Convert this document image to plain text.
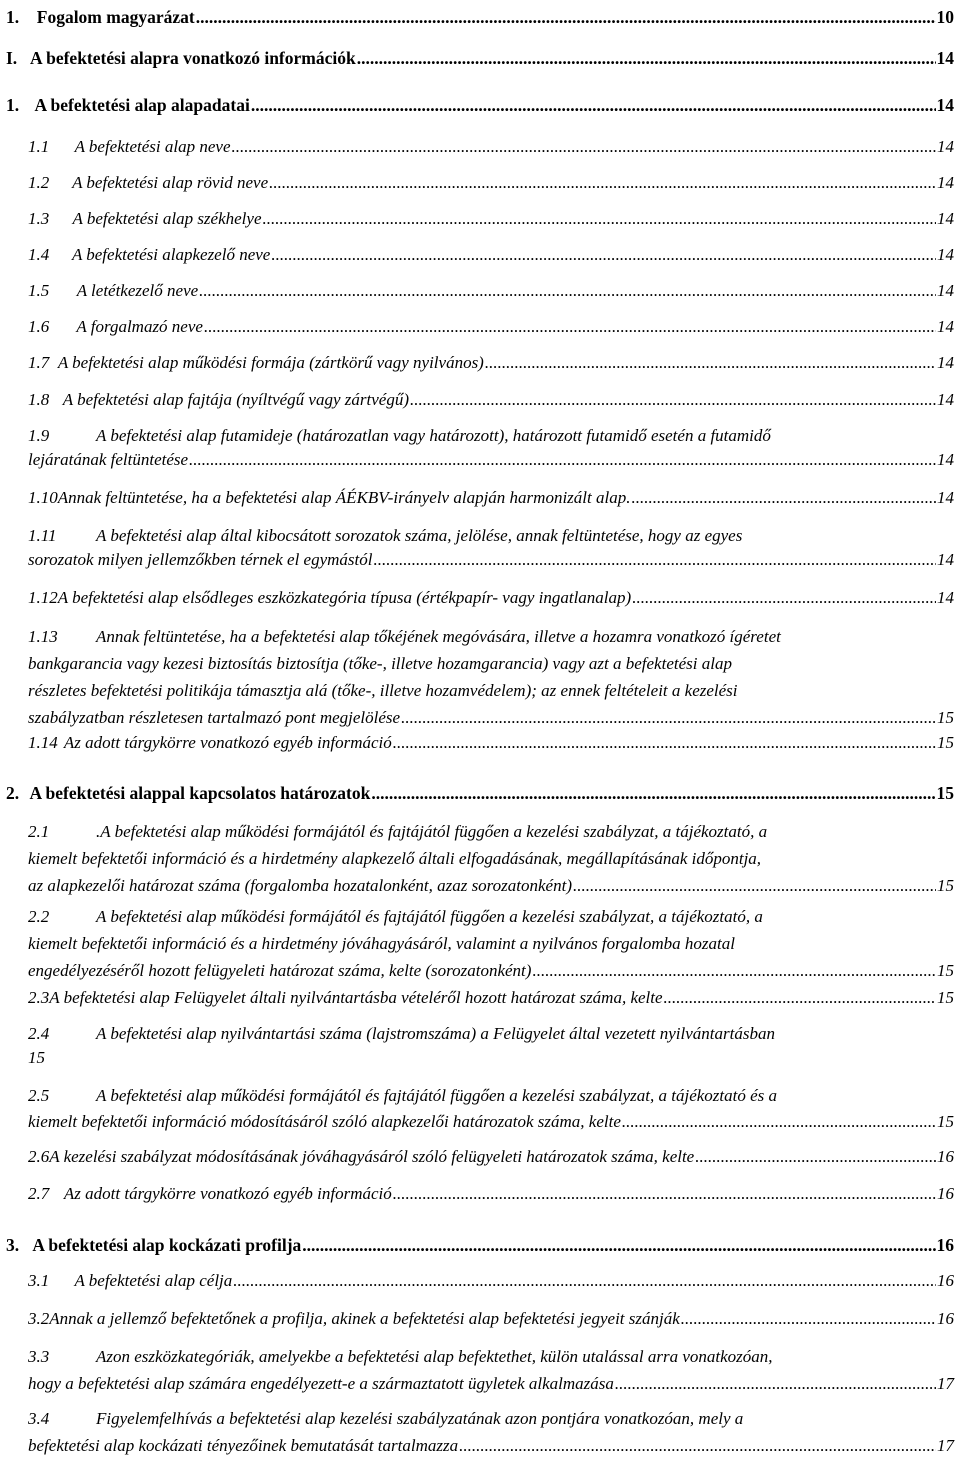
1.	Fogalom magyarázat .....	10
I. A befektetési alapra vonatkozó információk .....	14
1. A befektetési alap alapadatai .....	14
1.1	A befektetési alap neve .....	14
1.2	A befektetési alap rövid neve .....	14
1.3	A befektetési alap székhelye .....	14
1.4	A befektetési alapkezelő neve .....	14
1.5	A letétkezelő neve .....	14
1.6	A forgalmazó neve .....	14
1.7 A befektetési alap működési formája (zártkörű vagy nyilvános) .....	14
1.8 A befektetési alap fajtája (nyíltvégű vagy zártvégű) .....	14
1.9	A befektetési alap futamideje (határozatlan vagy határozott), határozott futamidő esetén a futamidő
lejáratának feltüntetése .....	14
1.10 Annak feltüntetése, ha a befektetési alap ÁÉKBV-irányelv alapján harmonizált alap. .....	14
1.11 A befektetési alap által kibocsátott sorozatok száma, jelölése, annak feltüntetése, hogy az egyes
sorozatok milyen jellemzőkben térnek el egymástól .....	14
1.12 A befektetési alap elsődleges eszközkategória típusa (értékpapír- vagy ingatlanalap) .....	14
1.13 Annak feltüntetése, ha a befektetési alap tőkéjének megóvására, illetve a hozamra vonatkozó ígéretet
bankgarancia vagy kezesi biztosítás biztosítja (tőke-, illetve hozamgarancia) vagy azt a befektetési alap
részletes befektetési politikája támasztja alá (tőke-, illetve hozamvédelem); az ennek feltételeit a kezelési
szabályzatban részletesen tartalmazó pont megjelölése .....	15
1.14 Az adott tárgykörre vonatkozó egyéb információ .....	15
2. A befektetési alappal kapcsolatos határozatok .....	15
2.1	.A befektetési alap működési formájától és fajtájától függően a kezelési szabályzat, a tájékoztató, a
kiemelt befektetői információ és a hirdetmény alapkezelő általi elfogadásának, megállapításának időpontja,
az alapkezelői határozat száma (forgalomba hozatalonként, azaz sorozatonként) .....	15
2.2	A befektetési alap működési formájától és fajtájától függően a kezelési szabályzat, a tájékoztató, a
kiemelt befektetői információ és a hirdetmény jóváhagyásáról, valamint a nyilvános forgalomba hozatal
engedélyezéséről hozott felügyeleti határozat száma, kelte (sorozatonként) .....	15
2.3 A befektetési alap Felügyelet általi nyilvántartásba vételéről hozott határozat száma, kelte .....	15
2.4	A befektetési alap nyilvántartási száma (lajstromszáma) a Felügyelet által vezetett nyilvántartásban
15
2.5	A befektetési alap működési formájától és fajtájától függően a kezelési szabályzat, a tájékoztató és a
kiemelt befektetői információ módosításáról szóló alapkezelői határozatok száma, kelte .....	15
2.6 A kezelési szabályzat módosításának jóváhagyásáról szóló felügyeleti határozatok száma, kelte .....	16
2.7 Az adott tárgykörre vonatkozó egyéb információ .....	16
3. A befektetési alap kockázati profilja .....	16
3.1	A befektetési alap célja .....	16
3.2 Annak a jellemző befektetőnek a profilja, akinek a befektetési alap befektetési jegyeit szánják .....	16
3.3	Azon eszközkategóriák, amelyekbe a befektetési alap befektethet, külön utalással arra vonatkozóan,
hogy a befektetési alap számára engedélyezett-e a származtatott ügyletek alkalmazása .....	17
3.4	Figyelemfelhívás a befektetési alap kezelési szabályzatának azon pontjára vonatkozóan, mely a
befektetési alap kockázati tényezőinek bemutatását tartalmazza .....	17
